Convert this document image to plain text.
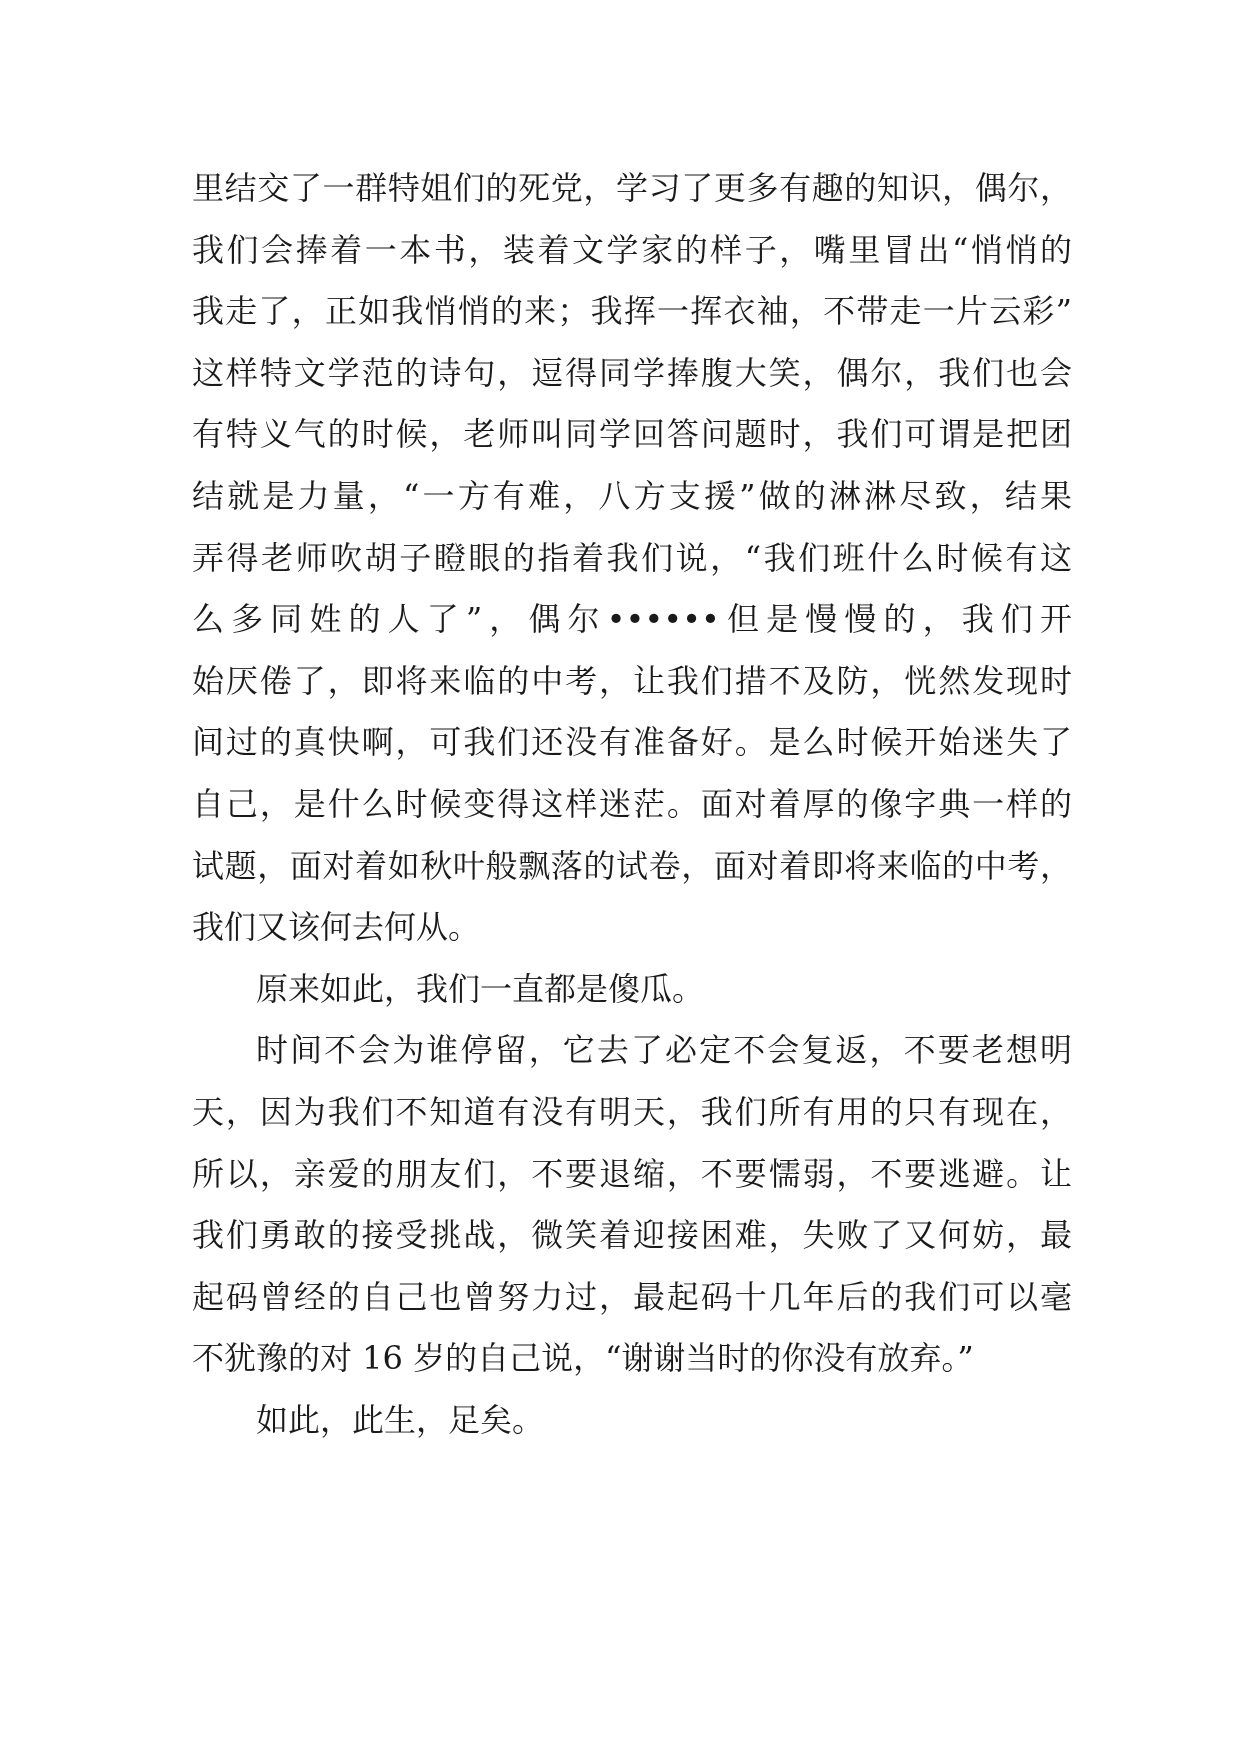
里结交了一群特姐们的死党，学习了更多有趣的知识，偶尔，
我们会捧着一本书，装着文学家的样子，嘴里冒出“悄悄的
我走了，正如我悄悄的来；我挥一挥衣袖，不带走一片云彩”
这样特文学范的诗句，逗得同学捧腹大笑，偶尔，我们也会
有特义气的时候，老师叫同学回答问题时，我们可谓是把团
结就是力量，“一方有难，八方支援”做的淋淋尽致，结果
弄得老师吹胡子瞪眼的指着我们说，“我们班什么时候有这
么多同姓的人了”，偶尔••••••但是慢慢的，我们开
始厌倦了，即将来临的中考，让我们措不及防，恍然发现时
间过的真快啊，可我们还没有准备好。是么时候开始迷失了
自己，是什么时候变得这样迷茫。面对着厚的像字典一样的
试题，面对着如秋叶般飘落的试卷，面对着即将来临的中考，
我们又该何去何从。
原来如此，我们一直都是傻瓜。
时间不会为谁停留，它去了必定不会复返，不要老想明
天，因为我们不知道有没有明天，我们所有用的只有现在，
所以，亲爱的朋友们，不要退缩，不要懦弱，不要逃避。让
我们勇敢的接受挑战，微笑着迎接困难，失败了又何妨，最
起码曾经的自己也曾努力过，最起码十几年后的我们可以毫
不犹豫的对 16 岁的自己说，“谢谢当时的你没有放弃。”
如此，此生，足矣。
